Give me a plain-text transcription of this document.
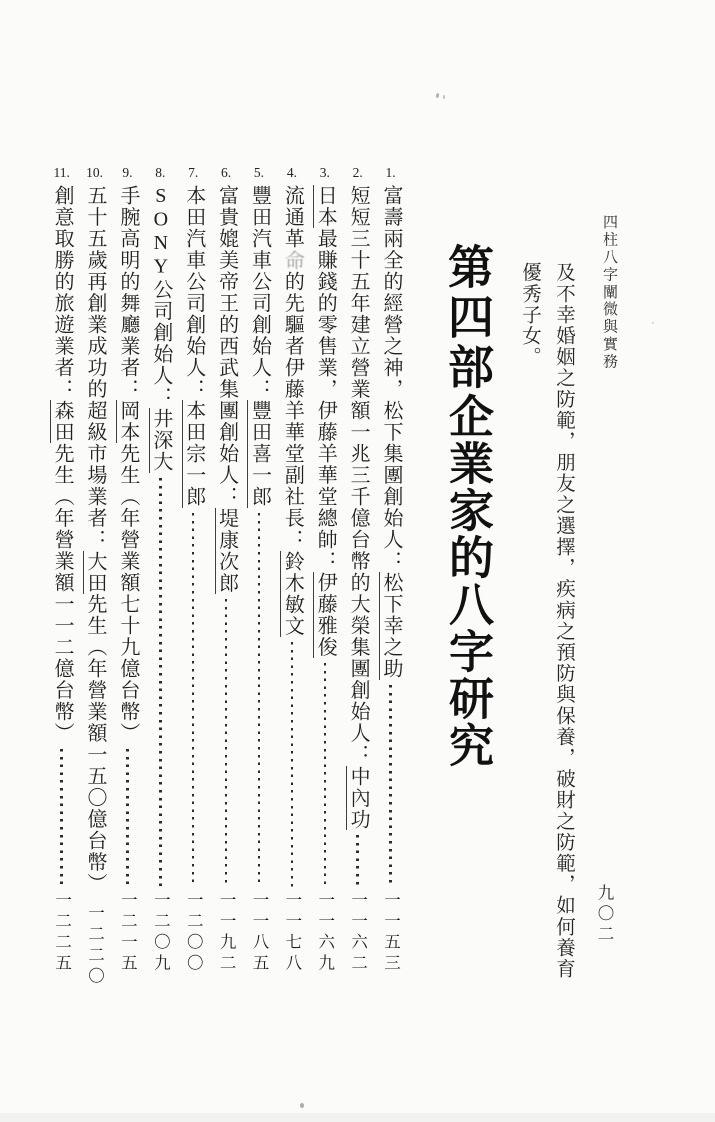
四柱八字闡微與實務
九〇二
及不幸婚姻之防範，朋友之選擇，疾病之預防與保養，破財之防範，如何養育
優秀子女。
第四部企業家的八字研究
1.
富壽兩全的經營之神，松下集團創始人：松下幸之助
一一五三
2.
短短三十五年建立營業額一兆三千億台幣的大榮集團創始人：中內功
一一六二
3.
日本最賺錢的零售業，伊藤羊華堂總帥：伊藤雅俊
一一六九
4.
流通革命的先驅者伊藤羊華堂副社長：鈴木敏文
一一七八
5.
豐田汽車公司創始人：豐田喜一郎
一一八五
6.
富貴媲美帝王的西武集團創始人：堤康次郎
一一九二
7.
本田汽車公司創始人：本田宗一郎
一二〇〇
8.
SONY公司創始人：井深大
一二〇九
9.
手腕高明的舞廳業者：岡本先生（年營業額七十九億台幣）
一二一五
10.
五十五歲再創業成功的超級市場業者：大田先生（年營業額一五〇億台幣）
一二二〇
11.
創意取勝的旅遊業者：森田先生（年營業額一一二億台幣）
一二二五
